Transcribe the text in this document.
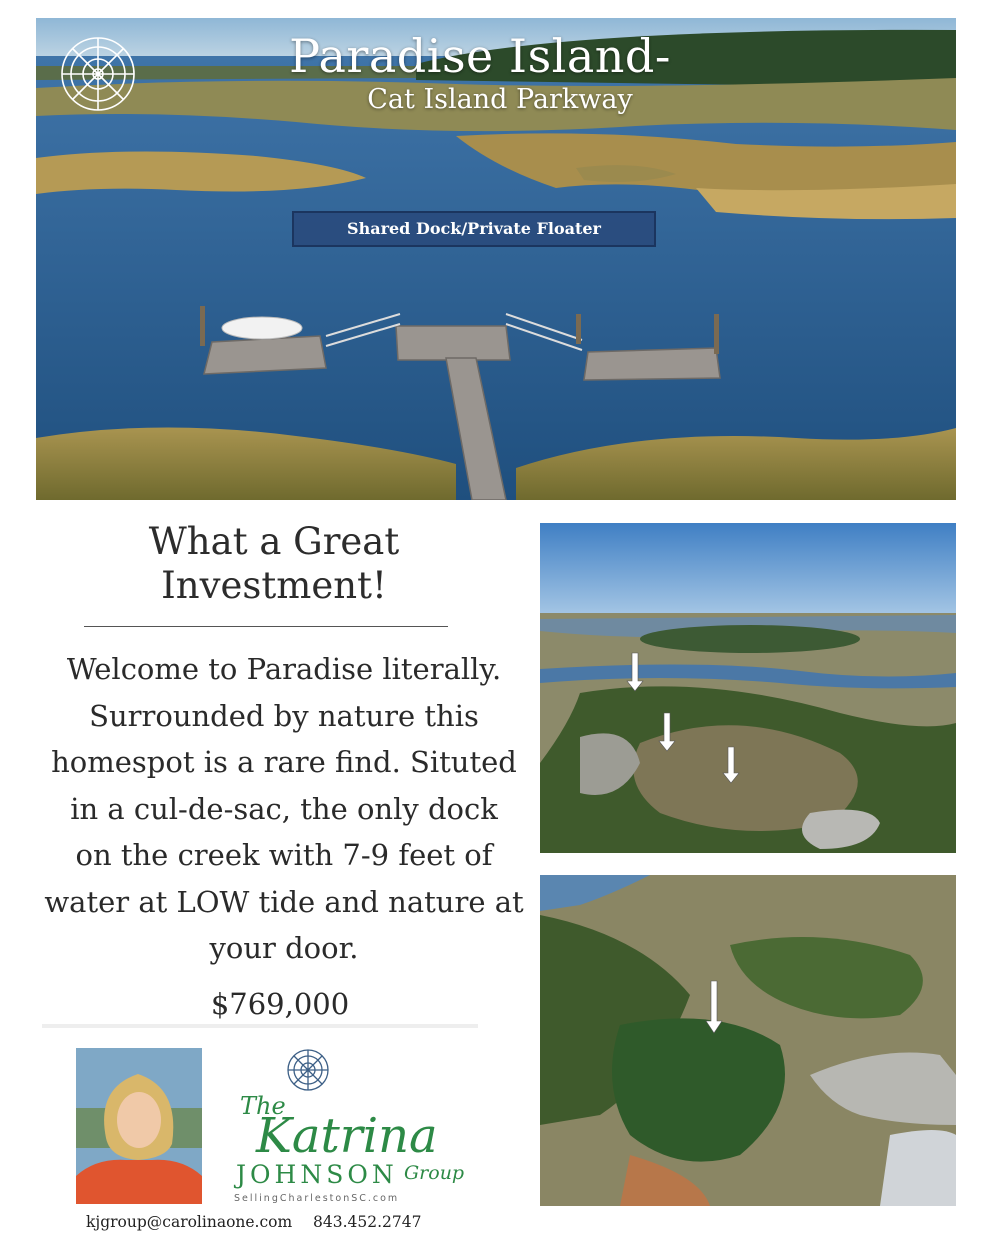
Paradise Island-
Cat Island Parkway
Shared Dock/Private Floater
What a Great
Investment!
Welcome to Paradise literally.
Surrounded by nature this
homespot is a rare find. Situted
in a cul-de-sac, the only dock
on the creek with 7-9 feet of
water at LOW tide and nature at
your door.
$769,000
The
Katrina
JOHNSON Group
SellingCharlestonSC.com
kjgroup@carolinaone.com 843.452.2747
